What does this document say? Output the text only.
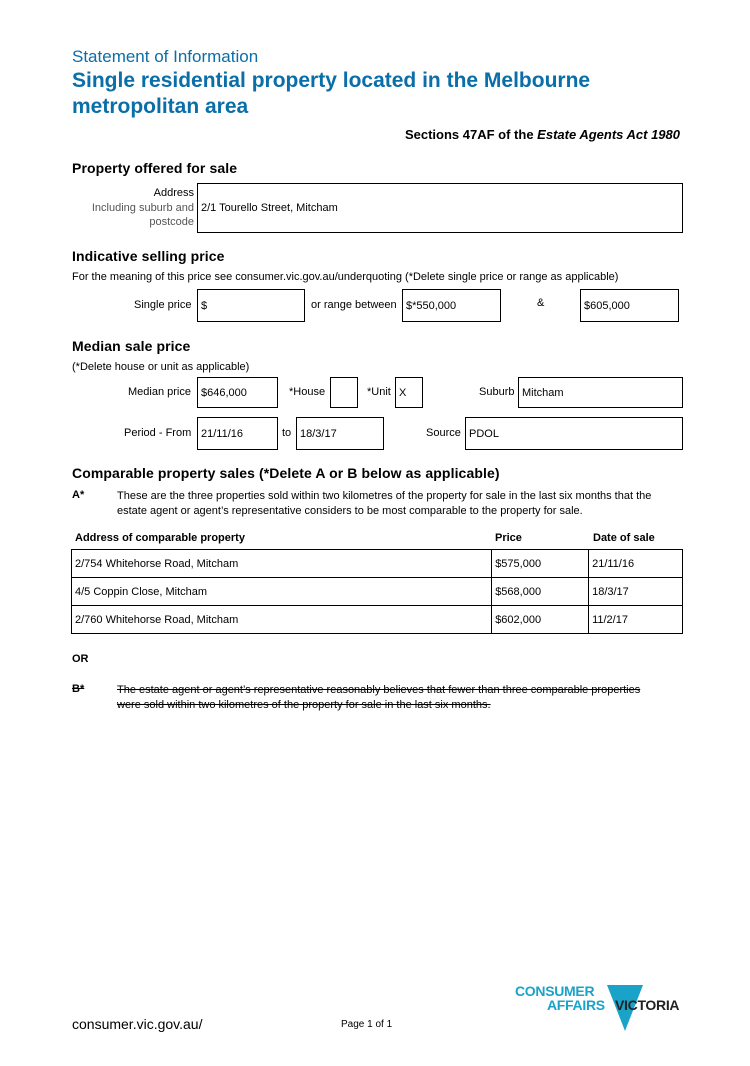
Statement of Information
Single residential property located in the Melbourne
metropolitan area
Sections 47AF of the Estate Agents Act 1980
Property offered for sale
Address
Including suburb and
postcode
2/1 Tourello Street, Mitcham
Indicative selling price
For the meaning of this price see consumer.vic.gov.au/underquoting (*Delete single price or range as applicable)
Single price $	or range between $*550,000	&	$605,000
Median sale price
(*Delete house or unit as applicable)
Median price $646,000	*House	*Unit X	Suburb Mitcham
Period - From 21/11/16	to 18/3/17	Source PDOL
Comparable property sales (*Delete A or B below as applicable)
A*	These are the three properties sold within two kilometres of the property for sale in the last six months that the
estate agent or agent’s representative considers to be most comparable to the property for sale.
Address of comparable property	Price	Date of sale
2/754 Whitehorse Road, Mitcham	$575,000	21/11/16
4/5 Coppin Close, Mitcham	$568,000	18/3/17
2/760 Whitehorse Road, Mitcham	$602,000	11/2/17
OR
B*	The estate agent or agent’s representative reasonably believes that fewer than three comparable properties
were sold within two kilometres of the property for sale in the last six months.
CONSUMER
AFFAIRS VICTORIA
consumer.vic.gov.au/	Page 1 of 1
